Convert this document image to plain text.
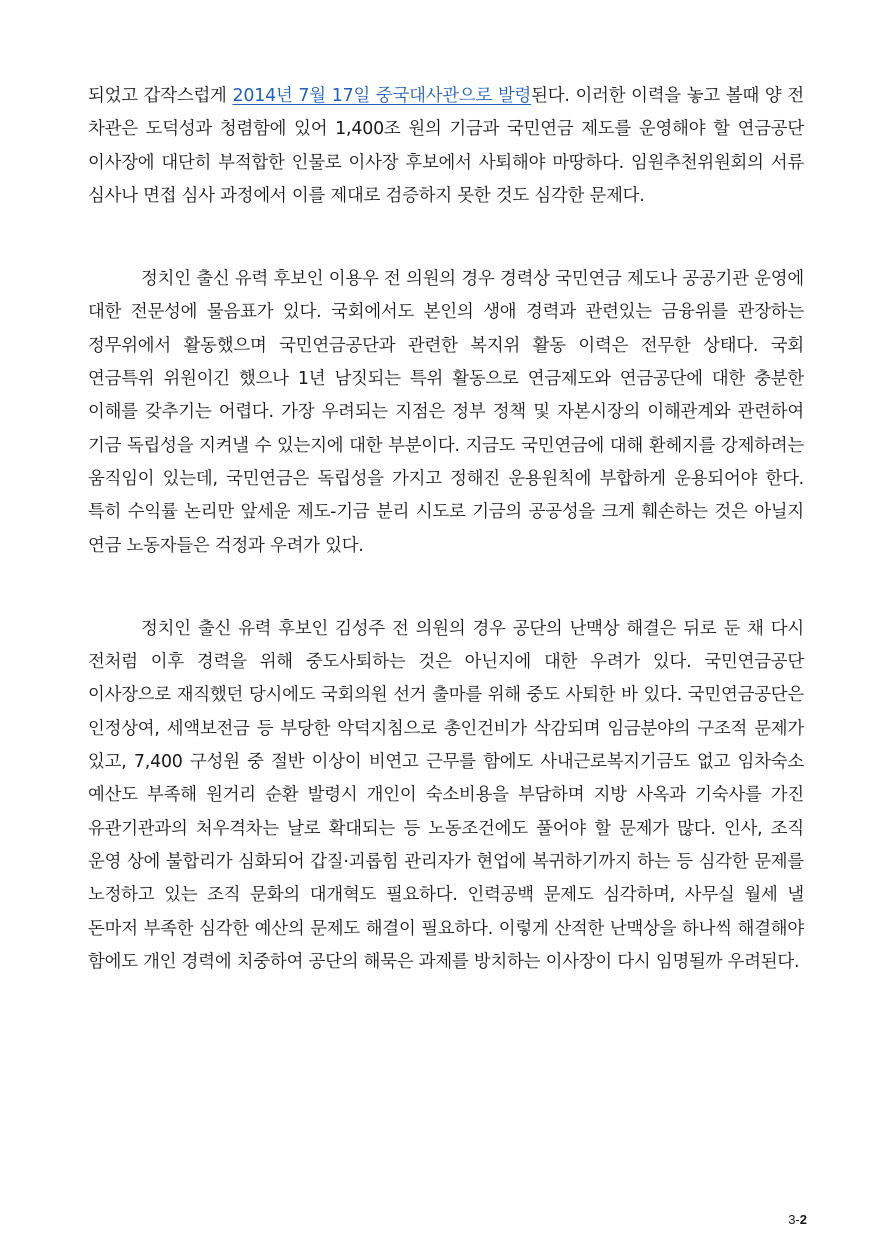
되었고 갑작스럽게 2014년 7월 17일 중국대사관으로 발령된다. 이러한 이력을 놓고 볼때 양 전 차관은 도덕성과 청렴함에 있어 1,400조 원의 기금과 국민연금 제도를 운영해야 할 연금공단 이사장에 대단히 부적합한 인물로 이사장 후보에서 사퇴해야 마땅하다. 임원추천위원회의 서류 심사나 면접 심사 과정에서 이를 제대로 검증하지 못한 것도 심각한 문제다.

정치인 출신 유력 후보인 이용우 전 의원의 경우 경력상 국민연금 제도나 공공기관 운영에 대한 전문성에 물음표가 있다. 국회에서도 본인의 생애 경력과 관련있는 금융위를 관장하는 정무위에서 활동했으며 국민연금공단과 관련한 복지위 활동 이력은 전무한 상태다. 국회 연금특위 위원이긴 했으나 1년 남짓되는 특위 활동으로 연금제도와 연금공단에 대한 충분한 이해를 갖추기는 어렵다. 가장 우려되는 지점은 정부 정책 및 자본시장의 이해관계와 관련하여 기금 독립성을 지켜낼 수 있는지에 대한 부분이다. 지금도 국민연금에 대해 환헤지를 강제하려는 움직임이 있는데, 국민연금은 독립성을 가지고 정해진 운용원칙에 부합하게 운용되어야 한다. 특히 수익률 논리만 앞세운 제도-기금 분리 시도로 기금의 공공성을 크게 훼손하는 것은 아닐지 연금 노동자들은 걱정과 우려가 있다.

정치인 출신 유력 후보인 김성주 전 의원의 경우 공단의 난맥상 해결은 뒤로 둔 채 다시 전처럼 이후 경력을 위해 중도사퇴하는 것은 아닌지에 대한 우려가 있다. 국민연금공단 이사장으로 재직했던 당시에도 국회의원 선거 출마를 위해 중도 사퇴한 바 있다. 국민연금공단은 인정상여, 세액보전금 등 부당한 악덕지침으로 총인건비가 삭감되며 임금분야의 구조적 문제가 있고, 7,400 구성원 중 절반 이상이 비연고 근무를 함에도 사내근로복지기금도 없고 임차숙소 예산도 부족해 원거리 순환 발령시 개인이 숙소비용을 부담하며 지방 사옥과 기숙사를 가진 유관기관과의 처우격차는 날로 확대되는 등 노동조건에도 풀어야 할 문제가 많다. 인사, 조직 운영 상에 불합리가 심화되어 갑질·괴롭힘 관리자가 현업에 복귀하기까지 하는 등 심각한 문제를 노정하고 있는 조직 문화의 대개혁도 필요하다. 인력공백 문제도 심각하며, 사무실 월세 낼 돈마저 부족한 심각한 예산의 문제도 해결이 필요하다. 이렇게 산적한 난맥상을 하나씩 해결해야 함에도 개인 경력에 치중하여 공단의 해묵은 과제를 방치하는 이사장이 다시 임명될까 우려된다.

3-2
